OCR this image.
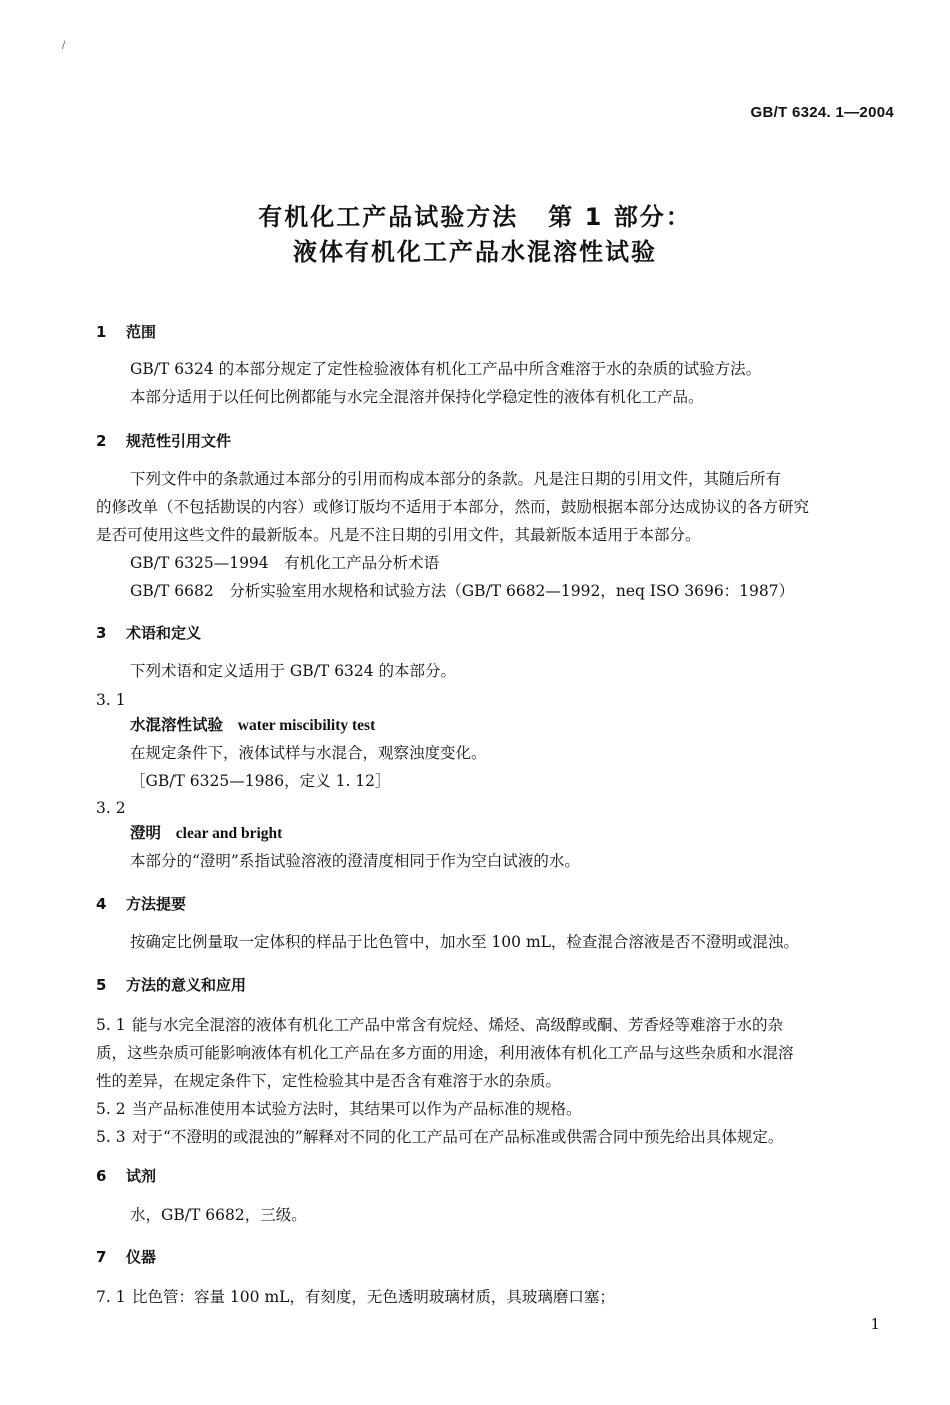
/
GB/T 6324. 1—2004
有机化工产品试验方法 第 1 部分：
液体有机化工产品水混溶性试验
1 范围
GB/T 6324 的本部分规定了定性检验液体有机化工产品中所含难溶于水的杂质的试验方法。
本部分适用于以任何比例都能与水完全混溶并保持化学稳定性的液体有机化工产品。
2 规范性引用文件
下列文件中的条款通过本部分的引用而构成本部分的条款。凡是注日期的引用文件，其随后所有
的修改单（不包括勘误的内容）或修订版均不适用于本部分，然而，鼓励根据本部分达成协议的各方研究
是否可使用这些文件的最新版本。凡是不注日期的引用文件，其最新版本适用于本部分。
GB/T 6325—1994　有机化工产品分析术语
GB/T 6682　分析实验室用水规格和试验方法（GB/T 6682—1992，neq ISO 3696：1987）
3 术语和定义
下列术语和定义适用于 GB/T 6324 的本部分。
3. 1
水混溶性试验 water miscibility test
在规定条件下，液体试样与水混合，观察浊度变化。
［GB/T 6325—1986，定义 1. 12］
3. 2
澄明 clear and bright
本部分的“澄明”系指试验溶液的澄清度相同于作为空白试液的水。
4 方法提要
按确定比例量取一定体积的样品于比色管中，加水至 100 mL，检查混合溶液是否不澄明或混浊。
5 方法的意义和应用
5. 1 能与水完全混溶的液体有机化工产品中常含有烷烃、烯烃、高级醇或酮、芳香烃等难溶于水的杂
质，这些杂质可能影响液体有机化工产品在多方面的用途，利用液体有机化工产品与这些杂质和水混溶
性的差异，在规定条件下，定性检验其中是否含有难溶于水的杂质。
5. 2 当产品标准使用本试验方法时，其结果可以作为产品标准的规格。
5. 3 对于“不澄明的或混浊的”解释对不同的化工产品可在产品标准或供需合同中预先给出具体规定。
6 试剂
水，GB/T 6682，三级。
7 仪器
7. 1 比色管：容量 100 mL，有刻度，无色透明玻璃材质，具玻璃磨口塞；
1
